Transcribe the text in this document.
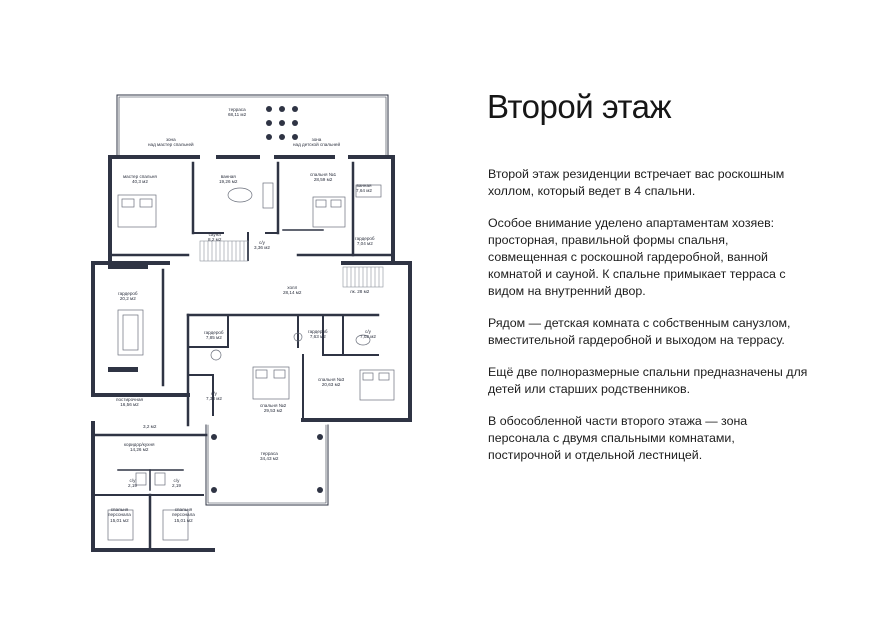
терраса
68,11 м2
зона
над мастер спальней
зона
над детской спальней
мастер спальня
40,3 м2
ванная
19,26 м2
спальня №1
28,59 м2
ванная
7,64 м2
сауна
8,2 м2
с/у
3,36 м2
гардероб
7,04 м2
холл
28,14 м2	лк. 28 м2
гардероб
20,2 м2
гардероб
7,85 м2
гардероб
7,63 м2
с/у
7,02 м2
с/у
7,38 м2
спальня №2
29,53 м2
спальня №3
20,63 м2
постирочная
16,56 м2
3,2 м2
коридор/кухня
14,26 м2
с/у
2,19
с/у
2,19
терраса
34,43 м2
спальня
персонала
15,01 м2
спальня
персонала
15,01 м2
Второй этаж

Второй этаж резиденции встречает вас роскошным холлом, который ведет в 4 спальни.

Особое внимание уделено апартаментам хозяев: просторная, правильной формы спальня, совмещенная с роскошной гардеробной, ванной комнатой и сауной. К спальне примыкает терраса с видом на внутренний двор.

Рядом — детская комната с собственным санузлом, вместительной гардеробной и выходом на террасу.

Ещё две полноразмерные спальни предназначены для детей или старших родственников.

В обособленной части второго этажа — зона персонала с двумя спальными комнатами, постирочной и отдельной лестницей.
